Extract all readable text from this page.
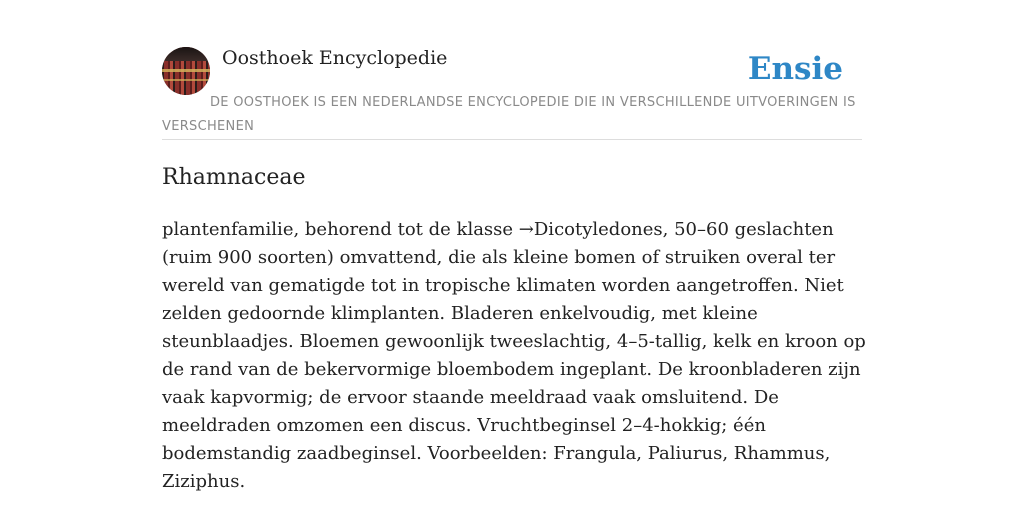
Oosthoek Encyclopedie	Ensie
DE OOSTHOEK IS EEN NEDERLANDSE ENCYCLOPEDIE DIE IN VERSCHILLENDE UITVOERINGEN IS VERSCHENEN
Rhamnaceae

plantenfamilie, behorend tot de klasse →Dicotyledones, 50–60 geslachten (ruim 900 soorten) omvattend, die als kleine bomen of struiken overal ter wereld van gematigde tot in tropische klimaten worden aangetroffen. Niet zelden gedoornde klimplanten. Bladeren enkelvoudig, met kleine steunblaadjes. Bloemen gewoonlijk tweeslachtig, 4–5-tallig, kelk en kroon op de rand van de bekervormige bloembodem ingeplant. De kroonbladeren zijn vaak kapvormig; de ervoor staande meeldraad vaak omsluitend. De meeldraden omzomen een discus. Vruchtbeginsel 2–4-hokkig; één bodemstandig zaadbeginsel. Voorbeelden: Frangula, Paliurus, Rhammus, Ziziphus.
